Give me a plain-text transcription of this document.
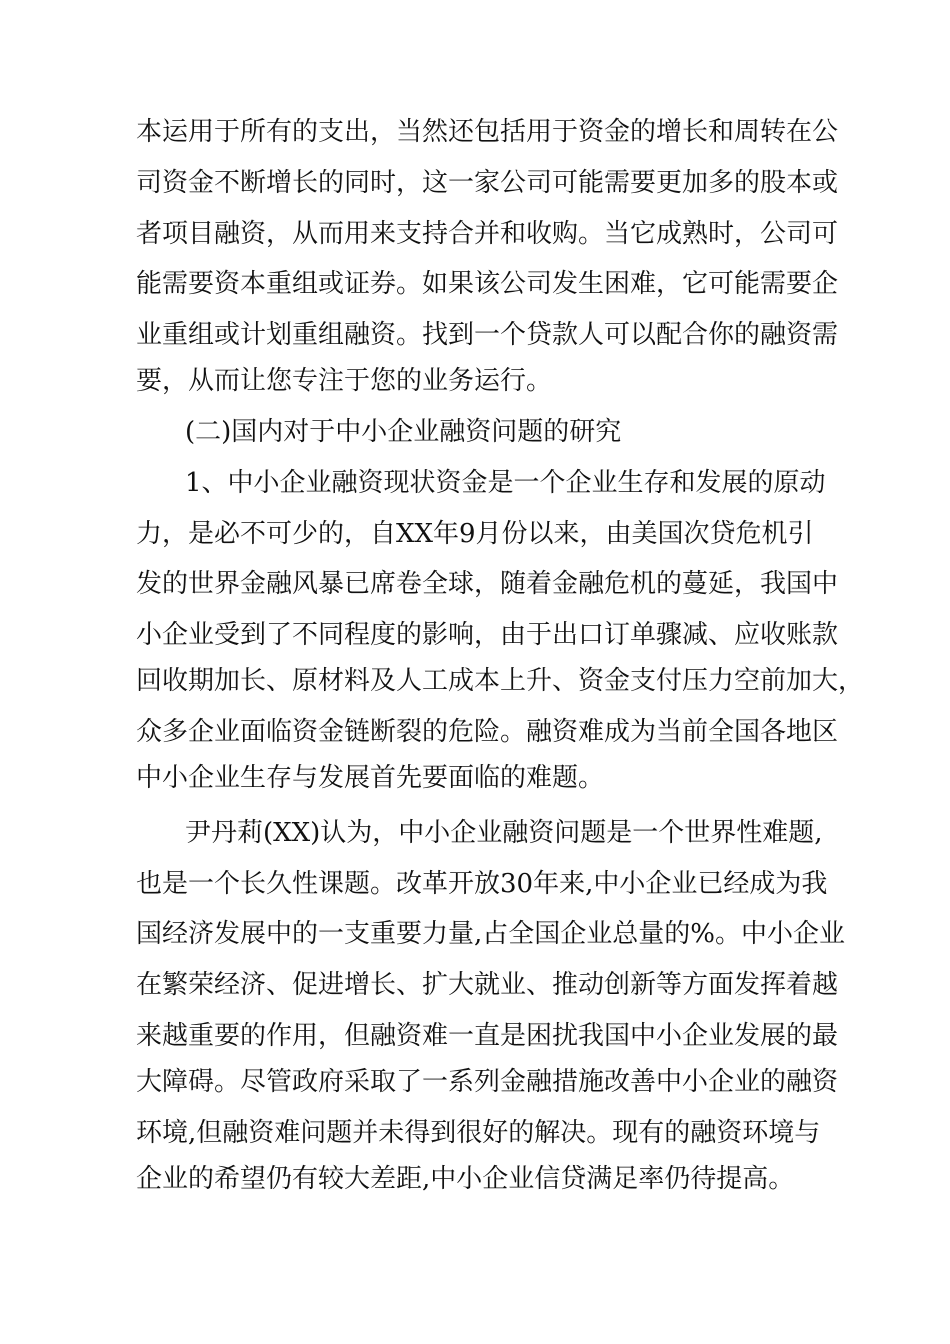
本运用于所有的支出，当然还包括用于资金的增长和周转在公
司资金不断增长的同时，这一家公司可能需要更加多的股本或
者项目融资，从而用来支持合并和收购。当它成熟时，公司可
能需要资本重组或证券。如果该公司发生困难，它可能需要企
业重组或计划重组融资。找到一个贷款人可以配合你的融资需
要，从而让您专注于您的业务运行。
(二)国内对于中小企业融资问题的研究
1、中小企业融资现状资金是一个企业生存和发展的原动
力，是必不可少的，自XX年9月份以来，由美国次贷危机引
发的世界金融风暴已席卷全球，随着金融危机的蔓延，我国中
小企业受到了不同程度的影响，由于出口订单骤减、应收账款
回收期加长、原材料及人工成本上升、资金支付压力空前加大，
众多企业面临资金链断裂的危险。融资难成为当前全国各地区
中小企业生存与发展首先要面临的难题。
尹丹莉(XX)认为，中小企业融资问题是一个世界性难题,
也是一个长久性课题。改革开放30年来,中小企业已经成为我
国经济发展中的一支重要力量,占全国企业总量的%。中小企业
在繁荣经济、促进增长、扩大就业、推动创新等方面发挥着越
来越重要的作用，但融资难一直是困扰我国中小企业发展的最
大障碍。尽管政府采取了一系列金融措施改善中小企业的融资
环境,但融资难问题并未得到很好的解决。现有的融资环境与
企业的希望仍有较大差距,中小企业信贷满足率仍待提高。
